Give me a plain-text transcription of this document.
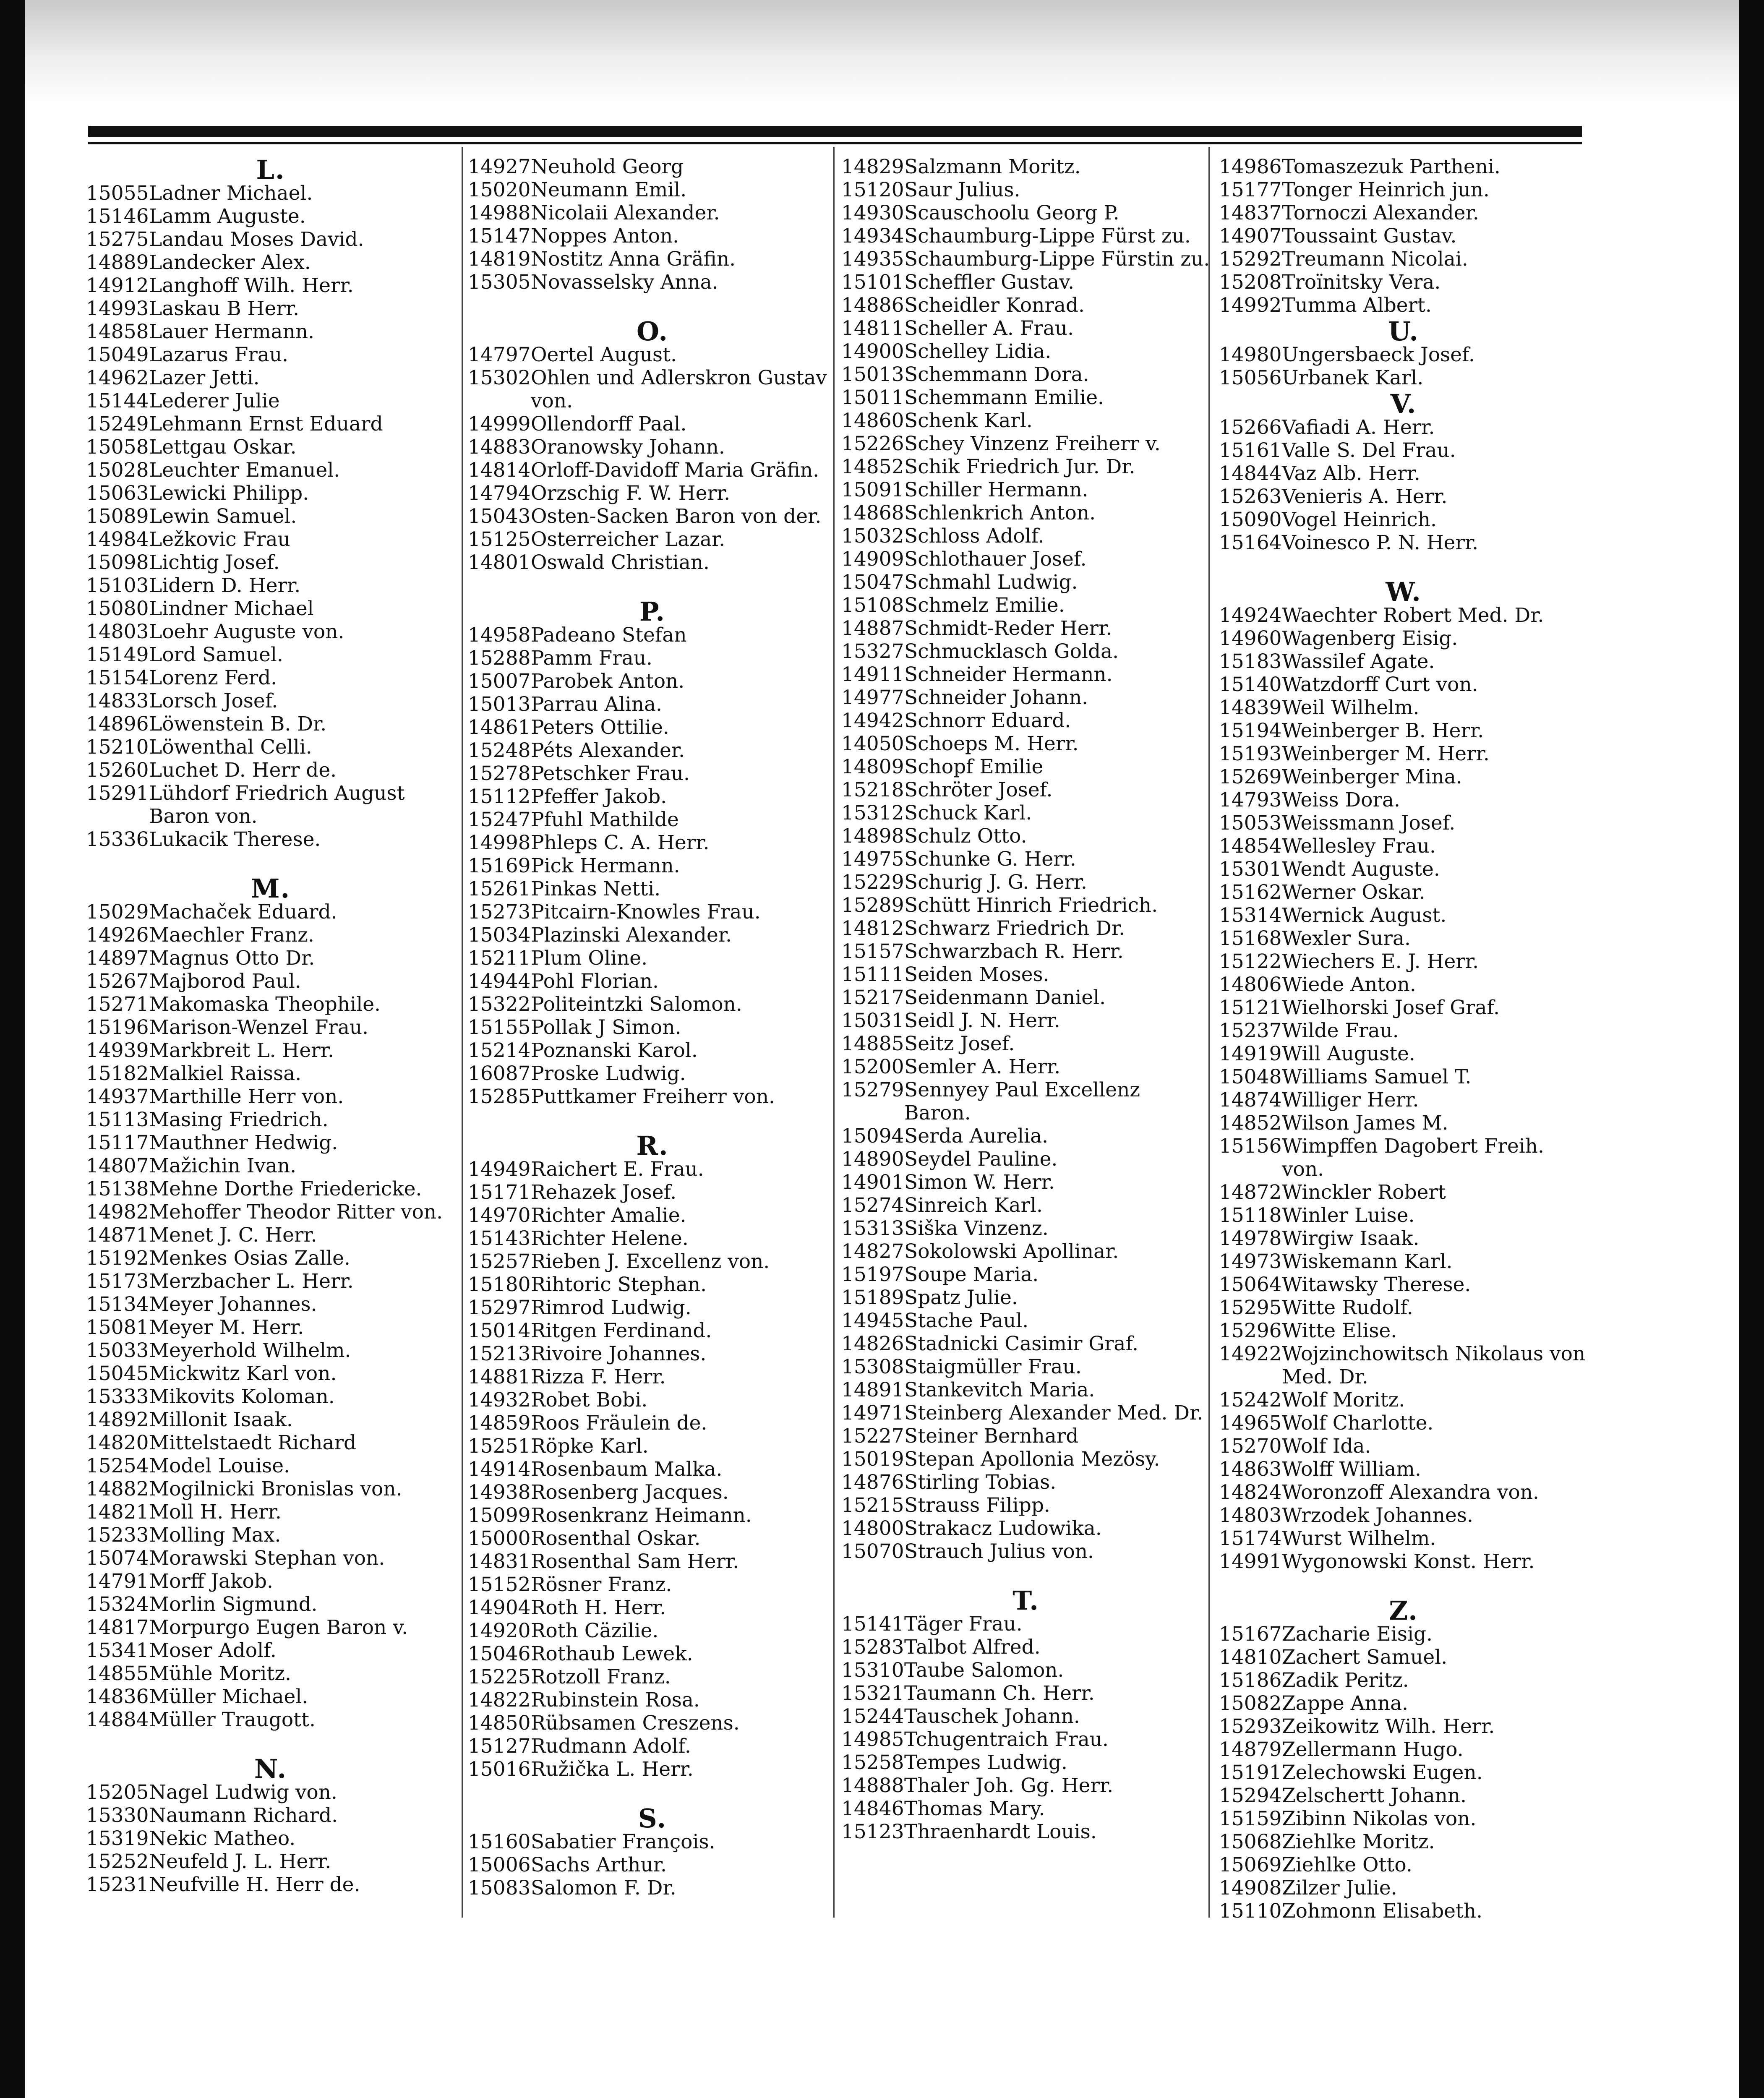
L.
15055 Ladner Michael.
15146 Lamm Auguste.
15275 Landau Moses David.
14889 Landecker Alex.
14912 Langhoff Wilh. Herr.
14993 Laskau B Herr.
14858 Lauer Hermann.
15049 Lazarus Frau.
14962 Lazer Jetti.
15144 Lederer Julie
15249 Lehmann Ernst Eduard
15058 Lettgau Oskar.
15028 Leuchter Emanuel.
15063 Lewicki Philipp.
15089 Lewin Samuel.
14984 Ležkovic Frau
15098 Lichtig Josef.
15103 Lidern D. Herr.
15080 Lindner Michael
14803 Loehr Auguste von.
15149 Lord Samuel.
15154 Lorenz Ferd.
14833 Lorsch Josef.
14896 Löwenstein B. Dr.
15210 Löwenthal Celli.
15260 Luchet D. Herr de.
15291 Lühdorf Friedrich August Baron von.
15336 Lukacik Therese.
M.
15029 Machaček Eduard.
14926 Maechler Franz.
14897 Magnus Otto Dr.
15267 Majborod Paul.
15271 Makomaska Theophile.
15196 Marison-Wenzel Frau.
14939 Markbreit L. Herr.
15182 Malkiel Raissa.
14937 Marthille Herr von.
15113 Masing Friedrich.
15117 Mauthner Hedwig.
14807 Mažichin Ivan.
15138 Mehne Dorthe Friedericke.
14982 Mehoffer Theodor Ritter von.
14871 Menet J. C. Herr.
15192 Menkes Osias Zalle.
15173 Merzbacher L. Herr.
15134 Meyer Johannes.
15081 Meyer M. Herr.
15033 Meyerhold Wilhelm.
15045 Mickwitz Karl von.
15333 Mikovits Koloman.
14892 Millonit Isaak.
14820 Mittelstaedt Richard
15254 Model Louise.
14882 Mogilnicki Bronislas von.
14821 Moll H. Herr.
15233 Molling Max.
15074 Morawski Stephan von.
14791 Morff Jakob.
15324 Morlin Sigmund.
14817 Morpurgo Eugen Baron v.
15341 Moser Adolf.
14855 Mühle Moritz.
14836 Müller Michael.
14884 Müller Traugott.
N.
15205 Nagel Ludwig von.
15330 Naumann Richard.
15319 Nekic Matheo.
15252 Neufeld J. L. Herr.
15231 Neufville H. Herr de.
14927 Neuhold Georg
15020 Neumann Emil.
14988 Nicolaii Alexander.
15147 Noppes Anton.
14819 Nostitz Anna Gräfin.
15305 Novasselsky Anna.
O.
14797 Oertel August.
15302 Ohlen und Adlerskron Gustav von.
14999 Ollendorff Paal.
14883 Oranowsky Johann.
14814 Orloff-Davidoff Maria Gräfin.
14794 Orzschig F. W. Herr.
15043 Osten-Sacken Baron von der.
15125 Osterreicher Lazar.
14801 Oswald Christian.
P.
14958 Padeano Stefan
15288 Pamm Frau.
15007 Parobek Anton.
15013 Parrau Alina.
14861 Peters Ottilie.
15248 Péts Alexander.
15278 Petschker Frau.
15112 Pfeffer Jakob.
15247 Pfuhl Mathilde
14998 Phleps C. A. Herr.
15169 Pick Hermann.
15261 Pinkas Netti.
15273 Pitcairn-Knowles Frau.
15034 Plazinski Alexander.
15211 Plum Oline.
14944 Pohl Florian.
15322 Politeintzki Salomon.
15155 Pollak J Simon.
15214 Poznanski Karol.
16087 Proske Ludwig.
15285 Puttkamer Freiherr von.
R.
14949 Raichert E. Frau.
15171 Rehazek Josef.
14970 Richter Amalie.
15143 Richter Helene.
15257 Rieben J. Excellenz von.
15180 Rihtoric Stephan.
15297 Rimrod Ludwig.
15014 Ritgen Ferdinand.
15213 Rivoire Johannes.
14881 Rizza F. Herr.
14932 Robet Bobi.
14859 Roos Fräulein de.
15251 Röpke Karl.
14914 Rosenbaum Malka.
14938 Rosenberg Jacques.
15099 Rosenkranz Heimann.
15000 Rosenthal Oskar.
14831 Rosenthal Sam Herr.
15152 Rösner Franz.
14904 Roth H. Herr.
14920 Roth Cäzilie.
15046 Rothaub Lewek.
15225 Rotzoll Franz.
14822 Rubinstein Rosa.
14850 Rübsamen Creszens.
15127 Rudmann Adolf.
15016 Ružička L. Herr.
S.
15160 Sabatier François.
15006 Sachs Arthur.
15083 Salomon F. Dr.
14829 Salzmann Moritz.
15120 Saur Julius.
14930 Scauschoolu Georg P.
14934 Schaumburg-Lippe Fürst zu.
14935 Schaumburg-Lippe Fürstin zu.
15101 Scheffler Gustav.
14886 Scheidler Konrad.
14811 Scheller A. Frau.
14900 Schelley Lidia.
15013 Schemmann Dora.
15011 Schemmann Emilie.
14860 Schenk Karl.
15226 Schey Vinzenz Freiherr v.
14852 Schik Friedrich Jur. Dr.
15091 Schiller Hermann.
14868 Schlenkrich Anton.
15032 Schloss Adolf.
14909 Schlothauer Josef.
15047 Schmahl Ludwig.
15108 Schmelz Emilie.
14887 Schmidt-Reder Herr.
15327 Schmucklasch Golda.
14911 Schneider Hermann.
14977 Schneider Johann.
14942 Schnorr Eduard.
14050 Schoeps M. Herr.
14809 Schopf Emilie
15218 Schröter Josef.
15312 Schuck Karl.
14898 Schulz Otto.
14975 Schunke G. Herr.
15229 Schurig J. G. Herr.
15289 Schütt Hinrich Friedrich.
14812 Schwarz Friedrich Dr.
15157 Schwarzbach R. Herr.
15111 Seiden Moses.
15217 Seidenmann Daniel.
15031 Seidl J. N. Herr.
14885 Seitz Josef.
15200 Semler A. Herr.
15279 Sennyey Paul Excellenz Baron.
15094 Serda Aurelia.
14890 Seydel Pauline.
14901 Simon W. Herr.
15274 Sinreich Karl.
15313 Siška Vinzenz.
14827 Sokolowski Apollinar.
15197 Soupe Maria.
15189 Spatz Julie.
14945 Stache Paul.
14826 Stadnicki Casimir Graf.
15308 Staigmüller Frau.
14891 Stankevitch Maria.
14971 Steinberg Alexander Med. Dr.
15227 Steiner Bernhard
15019 Stepan Apollonia Mezösy.
14876 Stirling Tobias.
15215 Strauss Filipp.
14800 Strakacz Ludowika.
15070 Strauch Julius von.
T.
15141 Täger Frau.
15283 Talbot Alfred.
15310 Taube Salomon.
15321 Taumann Ch. Herr.
15244 Tauschek Johann.
14985 Tchugentraich Frau.
15258 Tempes Ludwig.
14888 Thaler Joh. Gg. Herr.
14846 Thomas Mary.
15123 Thraenhardt Louis.
14986 Tomaszezuk Partheni.
15177 Tonger Heinrich jun.
14837 Tornoczi Alexander.
14907 Toussaint Gustav.
15292 Treumann Nicolai.
15208 Troïnitsky Vera.
14992 Tumma Albert.
U.
14980 Ungersbaeck Josef.
15056 Urbanek Karl.
V.
15266 Vafiadi A. Herr.
15161 Valle S. Del Frau.
14844 Vaz Alb. Herr.
15263 Venieris A. Herr.
15090 Vogel Heinrich.
15164 Voinesco P. N. Herr.
W.
14924 Waechter Robert Med. Dr.
14960 Wagenberg Eisig.
15183 Wassilef Agate.
15140 Watzdorff Curt von.
14839 Weil Wilhelm.
15194 Weinberger B. Herr.
15193 Weinberger M. Herr.
15269 Weinberger Mina.
14793 Weiss Dora.
15053 Weissmann Josef.
14854 Wellesley Frau.
15301 Wendt Auguste.
15162 Werner Oskar.
15314 Wernick August.
15168 Wexler Sura.
15122 Wiechers E. J. Herr.
14806 Wiede Anton.
15121 Wielhorski Josef Graf.
15237 Wilde Frau.
14919 Will Auguste.
15048 Williams Samuel T.
14874 Williger Herr.
14852 Wilson James M.
15156 Wimpffen Dagobert Freih. von.
14872 Winckler Robert
15118 Winler Luise.
14978 Wirgiw Isaak.
14973 Wiskemann Karl.
15064 Witawsky Therese.
15295 Witte Rudolf.
15296 Witte Elise.
14922 Wojzinchowitsch Nikolaus von Med. Dr.
15242 Wolf Moritz.
14965 Wolf Charlotte.
15270 Wolf Ida.
14863 Wolff William.
14824 Woronzoff Alexandra von.
14803 Wrzodek Johannes.
15174 Wurst Wilhelm.
14991 Wygonowski Konst. Herr.
Z.
15167 Zacharie Eisig.
14810 Zachert Samuel.
15186 Zadik Peritz.
15082 Zappe Anna.
15293 Zeikowitz Wilh. Herr.
14879 Zellermann Hugo.
15191 Zelechowski Eugen.
15294 Zelschertt Johann.
15159 Zibinn Nikolas von.
15068 Ziehlke Moritz.
15069 Ziehlke Otto.
14908 Zilzer Julie.
15110 Zohmonn Elisabeth.
